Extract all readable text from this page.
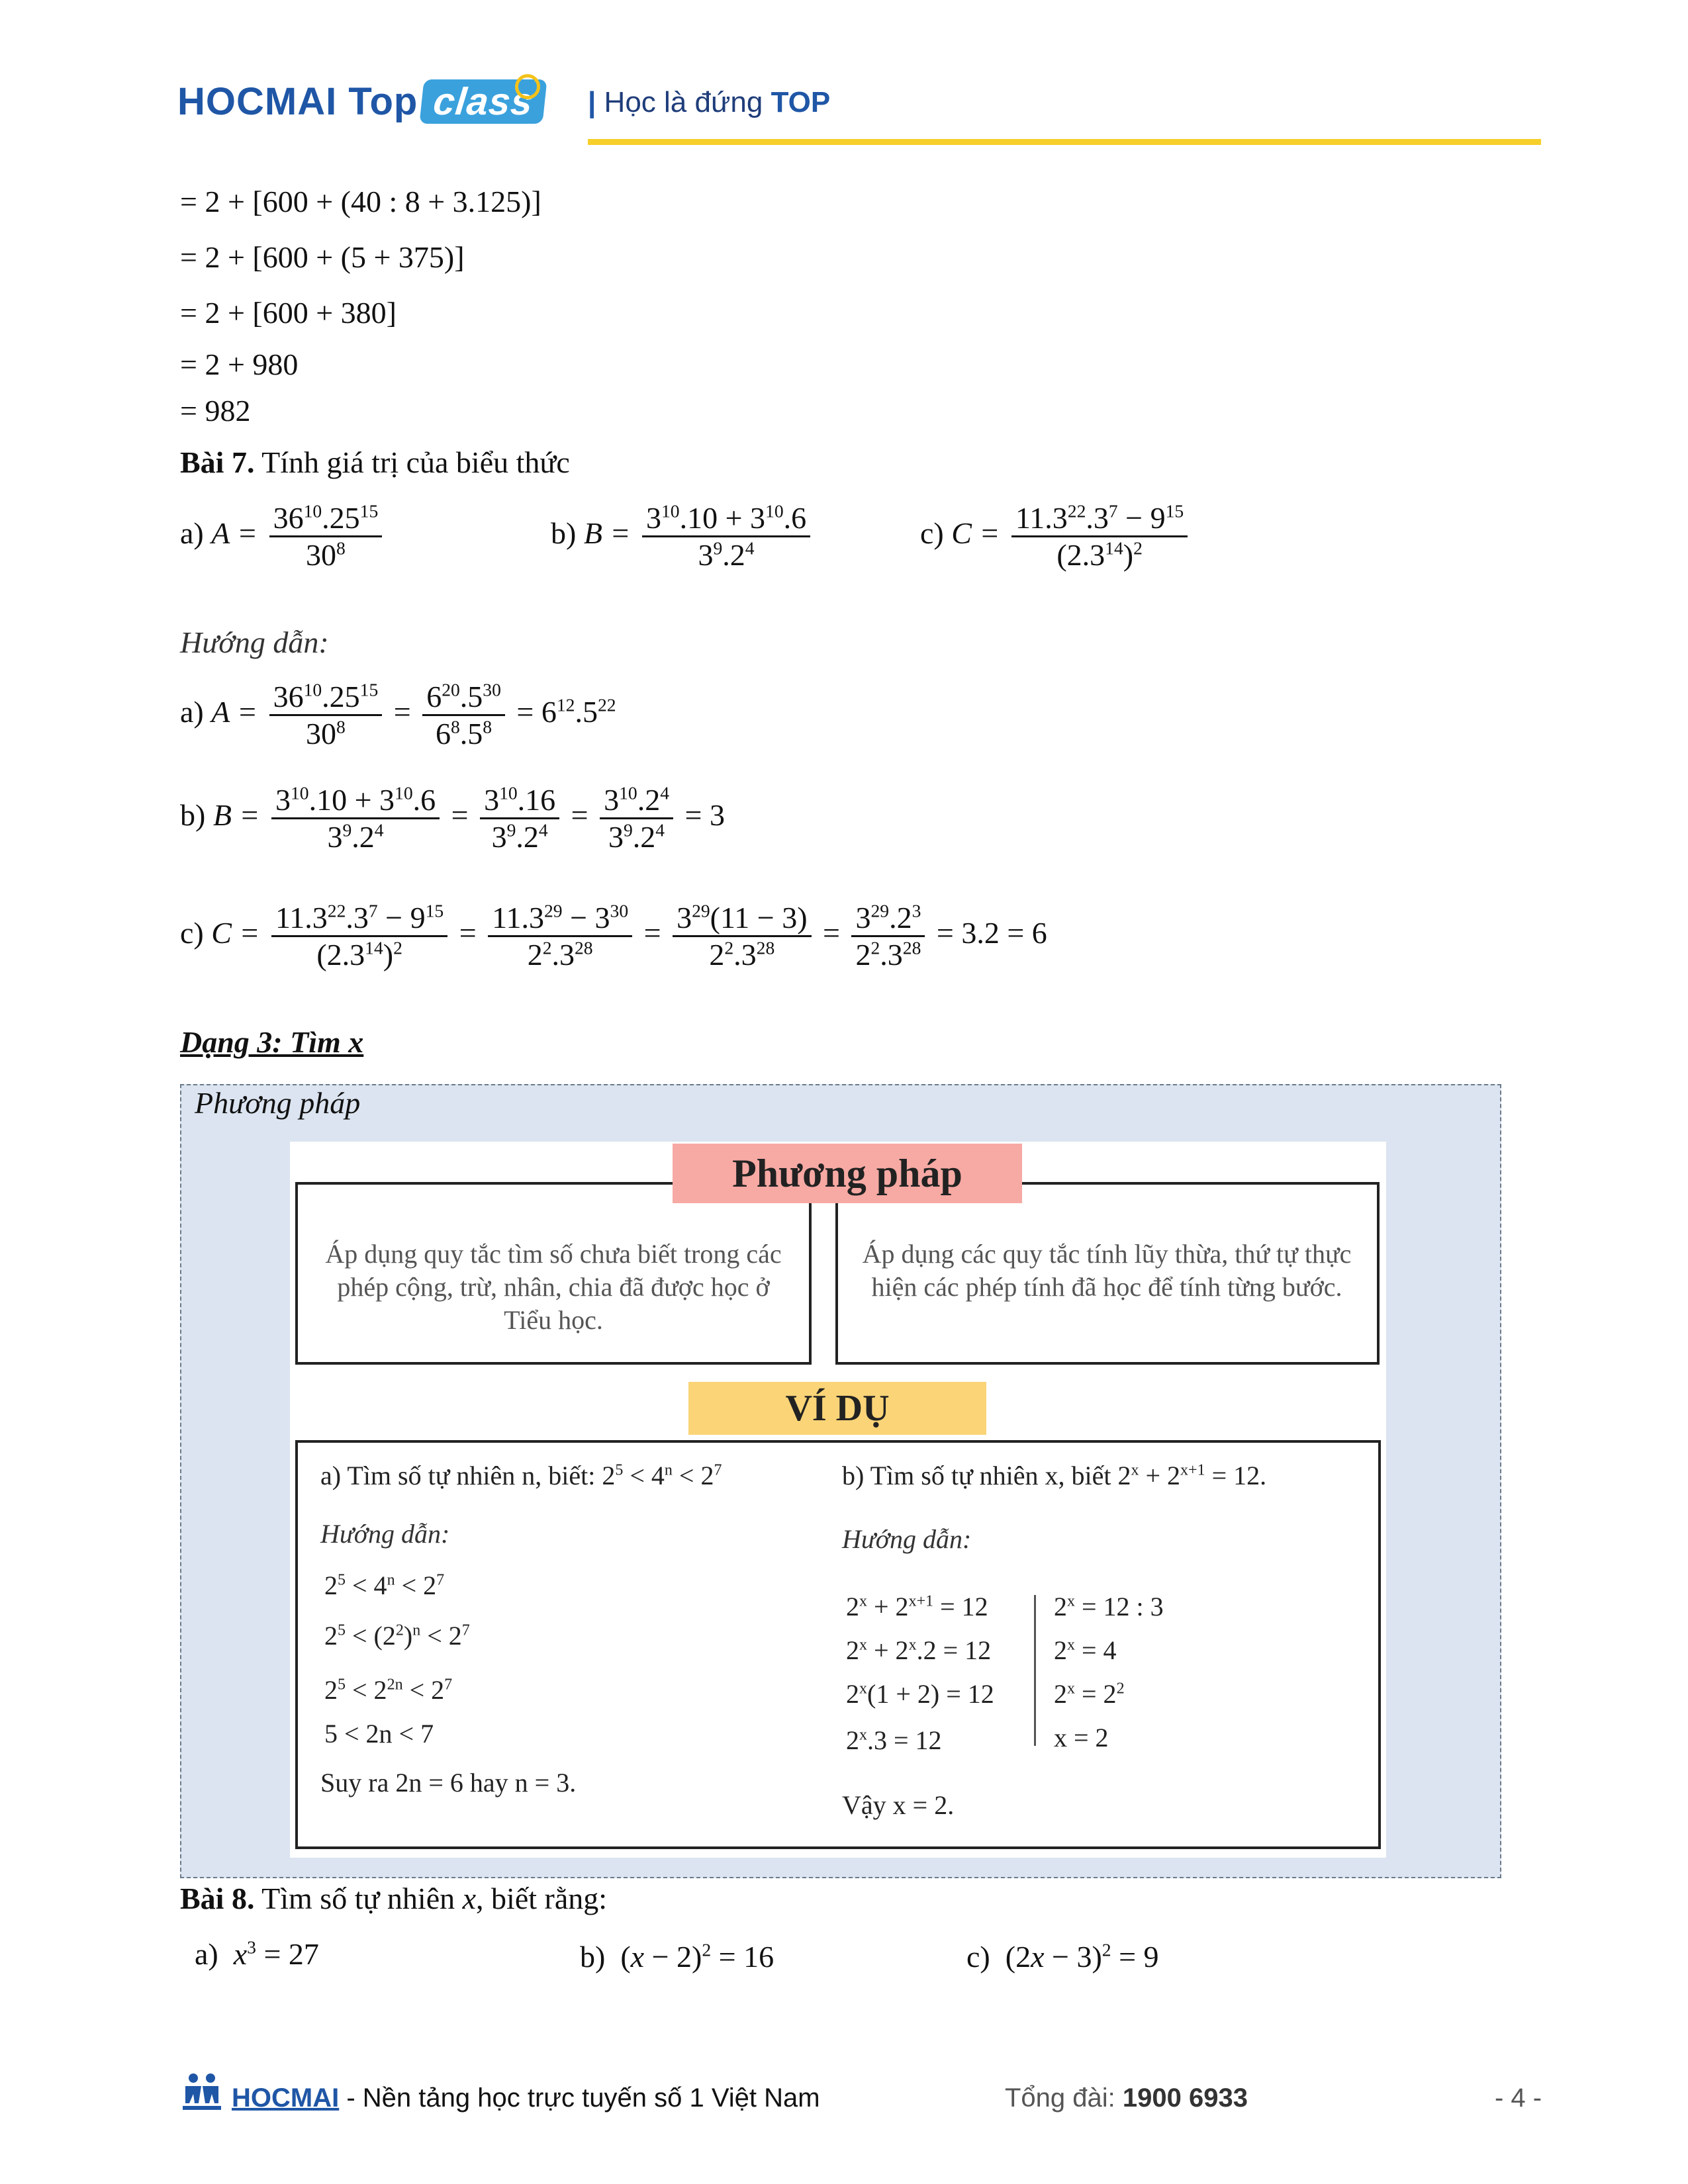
HOCMAI Top class	| Học là đứng TOP
= 2 + [600 + (40 : 8 + 3.125)]
= 2 + [600 + (5 + 375)]
= 2 + [600 + 380]
= 2 + 980
= 982
Bài 7. Tính giá trị của biểu thức
a) $A = \frac{36^{10}.25^{15}}{30^8}$	b) $B = \frac{3^{10}.10 + 3^{10}.6}{3^9.2^4}$	c) $C = \frac{11.3^{22}.3^7 - 9^{15}}{(2.3^{14})^2}$
Hướng dẫn:
a) $A = \frac{36^{10}.25^{15}}{30^8} = \frac{6^{20}.5^{30}}{6^8.5^8} = 6^{12}.5^{22}$
b) $B = \frac{3^{10}.10 + 3^{10}.6}{3^9.2^4} = \frac{3^{10}.16}{3^9.2^4} = \frac{3^{10}.2^4}{3^9.2^4} = 3$
c) $C = \frac{11.3^{22}.3^7 - 9^{15}}{(2.3^{14})^2} = \frac{11.3^{29} - 3^{30}}{2^2.3^{28}} = \frac{3^{29}(11 - 3)}{2^2.3^{28}} = \frac{3^{29}.2^3}{2^2.3^{28}} = 3.2 = 6$
Dạng 3: Tìm x
Phương pháp
Áp dụng quy tắc tìm số chưa biết trong các phép cộng, trừ, nhân, chia đã được học ở Tiểu học.
Áp dụng các quy tắc tính lũy thừa, thứ tự thực hiện các phép tính đã học để tính từng bước.
Phương pháp
VÍ DỤ
a) Tìm số tự nhiên n, biết: $2^5 < 4^n < 2^7$
Hướng dẫn:
$2^5 < 4^n < 2^7$
$2^5 < (2^2)^n < 2^7$
$2^5 < 2^{2n} < 2^7$
5 < 2n < 7
Suy ra 2n = 6 hay n = 3.
b) Tìm số tự nhiên x, biết $2^x + 2^{x+1} = 12$.
Hướng dẫn:
$2^x + 2^{x+1} = 12$
$2^x + 2^x.2 = 12$
$2^x(1 + 2) = 12$
$2^x.3 = 12$
$2^x = 12$ : 3
$2^x = 4$
$2^x = 2^2$
x = 2
Vậy x = 2.
Bài 8. Tìm số tự nhiên x, biết rằng:
a) $x^3 = 27$	b)  $(x - 2)^2 = 16$	c)  $(2x - 3)^2 = 9$
HOCMAI - Nền tảng học trực tuyến số 1 Việt Nam	Tổng đài: 1900 6933	- 4 -
